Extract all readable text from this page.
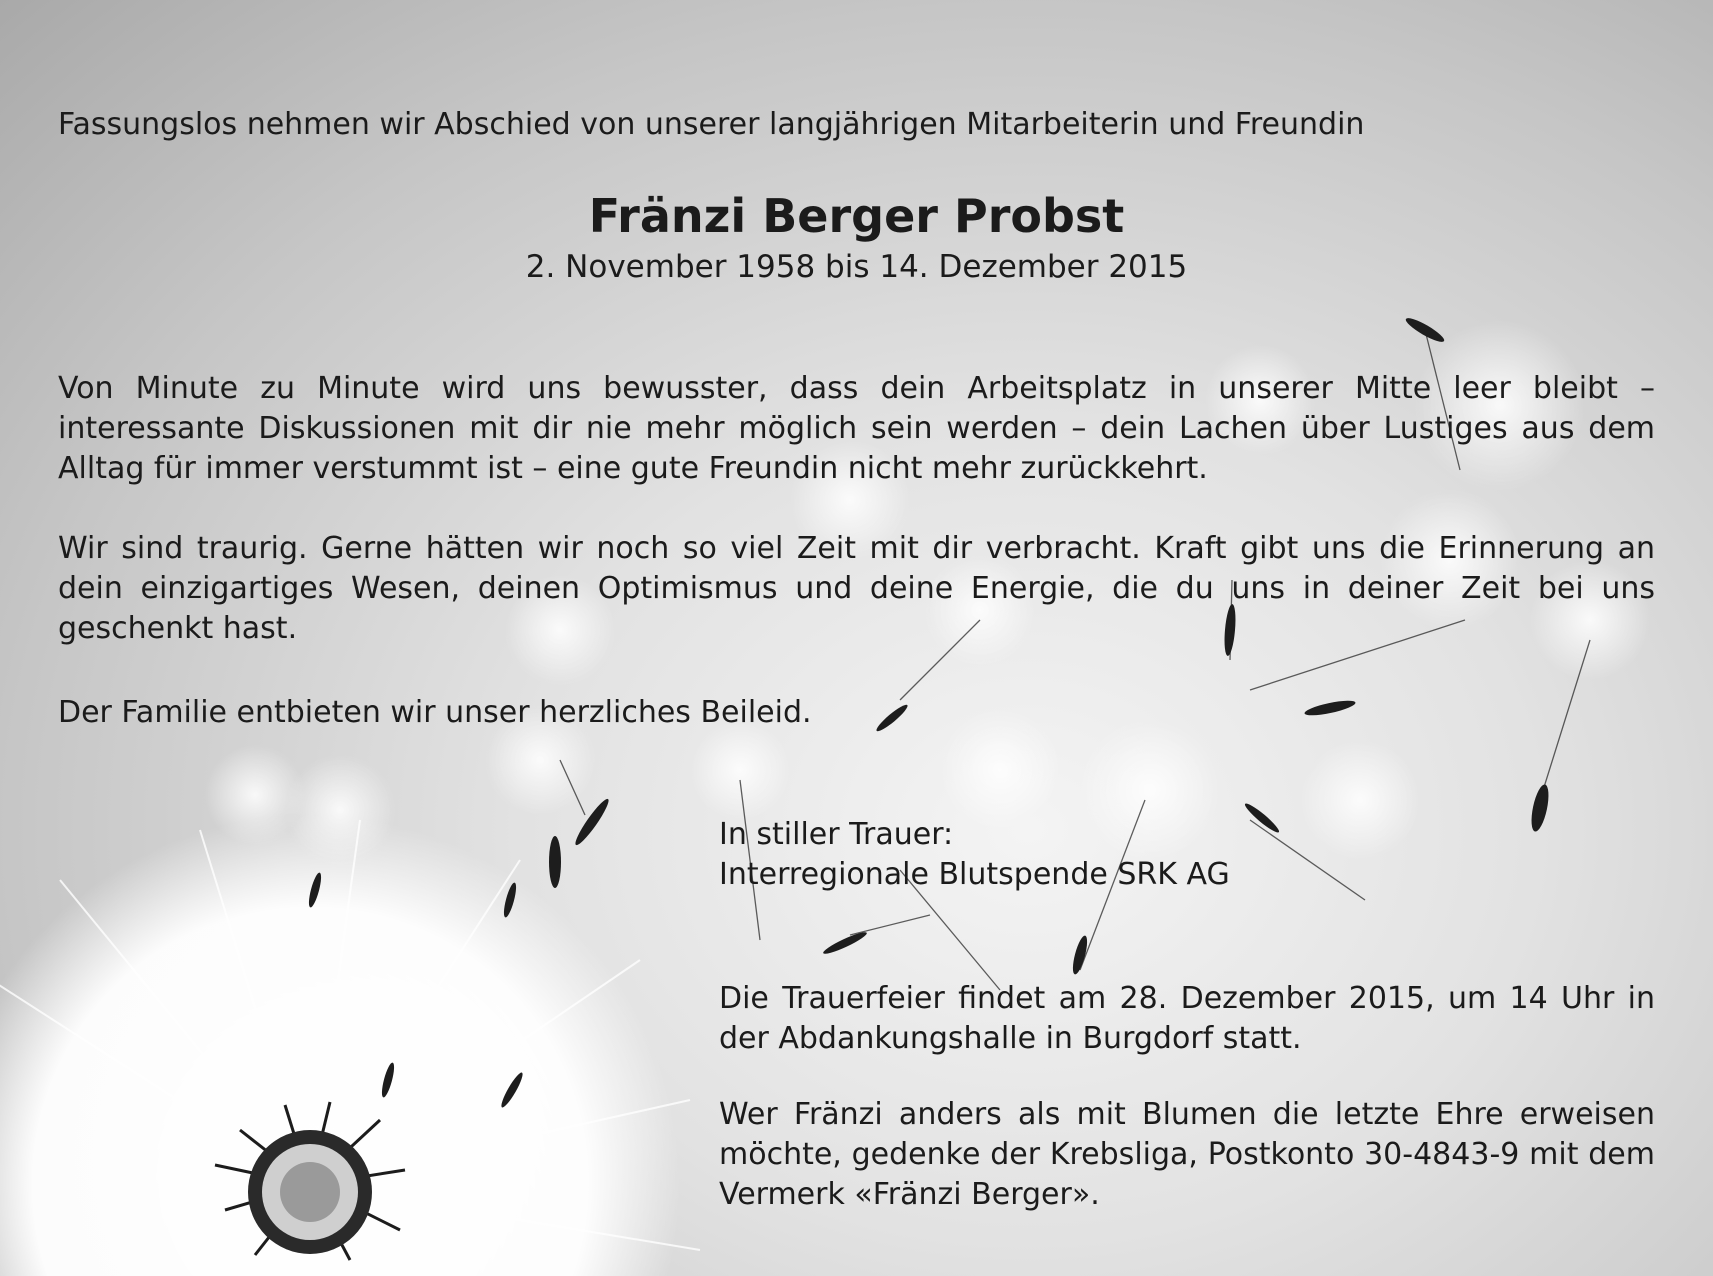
Fassungslos nehmen wir Abschied von unserer langjährigen Mitarbeiterin und Freundin
Fränzi Berger Probst
2. November 1958 bis 14. Dezember 2015
Von Minute zu Minute wird uns bewusster, dass dein Arbeitsplatz in unserer Mitte leer bleibt –
interessante Diskussionen mit dir nie mehr möglich sein werden – dein Lachen über Lustiges aus dem
Alltag für immer verstummt ist – eine gute Freundin nicht mehr zurückkehrt.
Wir sind traurig. Gerne hätten wir noch so viel Zeit mit dir verbracht. Kraft gibt uns die Erinnerung an dein einzigartiges Wesen, deinen Optimismus und deine Energie, die du uns in deiner Zeit bei uns geschenkt hast.
Der Familie entbieten wir unser herzliches Beileid.
In stiller Trauer:
Interregionale Blutspende SRK AG
Die Trauerfeier findet am 28. Dezember 2015, um 14 Uhr in der Abdankungshalle in Burgdorf statt.
Wer Fränzi anders als mit Blumen die letzte Ehre erweisen möchte, gedenke der Krebsliga, Postkonto 30-4843-9 mit dem Vermerk «Fränzi Berger».
